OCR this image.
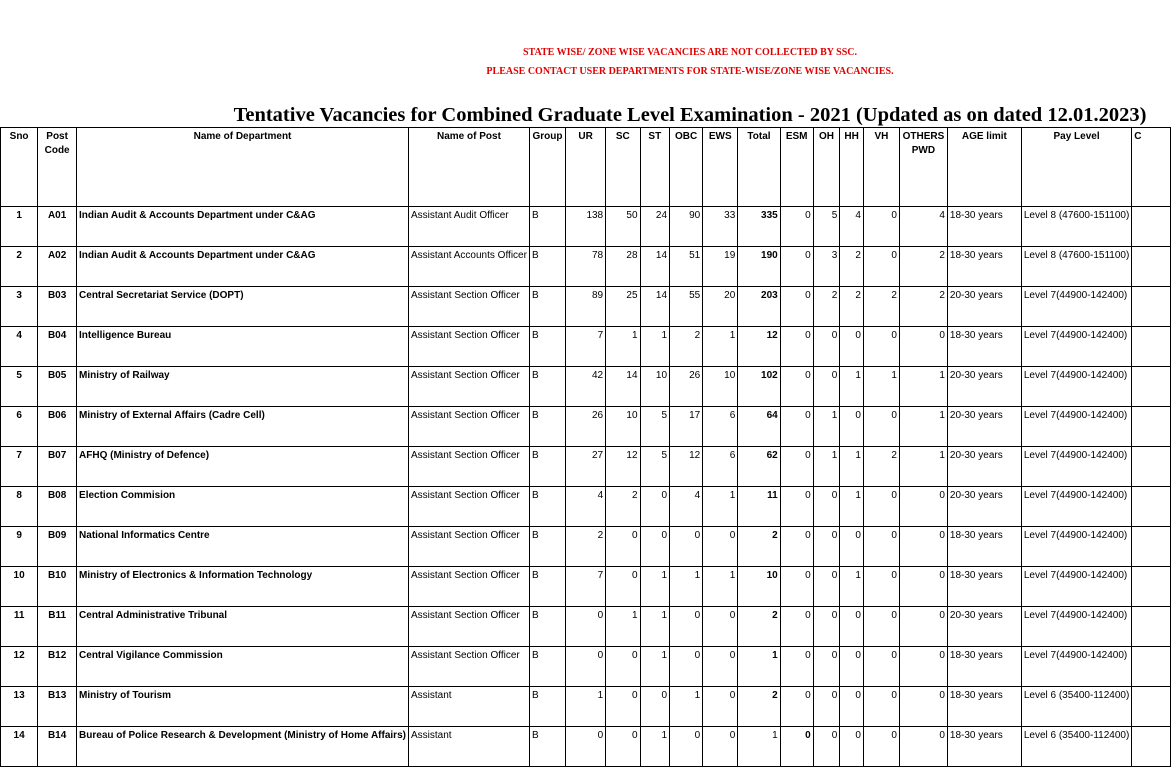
STATE WISE/ ZONE WISE VACANCIES ARE NOT COLLECTED BY SSC.
PLEASE CONTACT USER DEPARTMENTS FOR STATE-WISE/ZONE WISE VACANCIES.
Tentative Vacancies for Combined Graduate Level Examination - 2021 (Updated as on dated 12.01.2023)
Sno	Post Code	Name of Department	Name of Post	Group	UR	SC	ST	OBC	EWS	Total	ESM	OH	HH	VH	OTHERS PWD	AGE limit	Pay Level	C
1	A01	Indian Audit & Accounts Department under C&AG	Assistant Audit Officer	B	138	50	24	90	33	335	0	5	4	0	4	18-30 years	Level 8 (47600-151100)	
2	A02	Indian Audit & Accounts Department under C&AG	Assistant Accounts Officer	B	78	28	14	51	19	190	0	3	2	0	2	18-30 years	Level 8 (47600-151100)	
3	B03	Central Secretariat Service (DOPT)	Assistant Section Officer	B	89	25	14	55	20	203	0	2	2	2	2	20-30 years	Level 7(44900-142400)	
4	B04	Intelligence Bureau	Assistant Section Officer	B	7	1	1	2	1	12	0	0	0	0	0	18-30 years	Level 7(44900-142400)	
5	B05	Ministry of Railway	Assistant Section Officer	B	42	14	10	26	10	102	0	0	1	1	1	20-30 years	Level 7(44900-142400)	
6	B06	Ministry of External Affairs (Cadre Cell)	Assistant Section Officer	B	26	10	5	17	6	64	0	1	0	0	1	20-30 years	Level 7(44900-142400)	
7	B07	AFHQ (Ministry of Defence)	Assistant Section Officer	B	27	12	5	12	6	62	0	1	1	2	1	20-30 years	Level 7(44900-142400)	
8	B08	Election Commision	Assistant Section Officer	B	4	2	0	4	1	11	0	0	1	0	0	20-30 years	Level 7(44900-142400)	
9	B09	National Informatics Centre	Assistant Section Officer	B	2	0	0	0	0	2	0	0	0	0	0	18-30 years	Level 7(44900-142400)	
10	B10	Ministry of Electronics & Information Technology	Assistant Section Officer	B	7	0	1	1	1	10	0	0	1	0	0	18-30 years	Level 7(44900-142400)	
11	B11	Central Administrative Tribunal	Assistant Section Officer	B	0	1	1	0	0	2	0	0	0	0	0	20-30 years	Level 7(44900-142400)	
12	B12	Central Vigilance Commission	Assistant Section Officer	B	0	0	1	0	0	1	0	0	0	0	0	18-30 years	Level 7(44900-142400)	
13	B13	Ministry of Tourism	Assistant	B	1	0	0	1	0	2	0	0	0	0	0	18-30 years	Level 6 (35400-112400)	
14	B14	Bureau of Police Research & Development (Ministry of Home Affairs)	Assistant	B	0	0	1	0	0	1	0	0	0	0	0	18-30 years	Level 6 (35400-112400)	
